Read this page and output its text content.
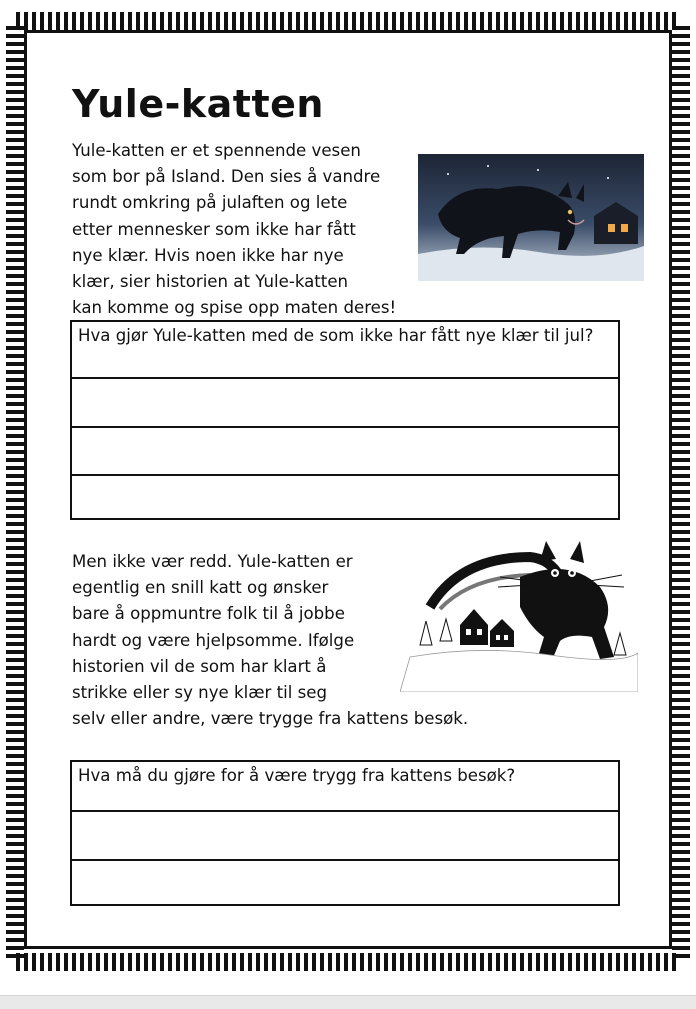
Yule-katten
Yule-katten er et spennende vesen
som bor på Island. Den sies å vandre
rundt omkring på julaften og lete
etter mennesker som ikke har fått
nye klær. Hvis noen ikke har nye
klær, sier historien at Yule-katten
kan komme og spise opp maten deres!
Hva gjør Yule-katten med de som ikke har fått nye klær til jul?
Men ikke vær redd. Yule-katten er
egentlig en snill katt og ønsker
bare å oppmuntre folk til å jobbe
hardt og være hjelpsomme. Ifølge
historien vil de som har klart å
strikke eller sy nye klær til seg
selv eller andre, være trygge fra kattens besøk.
Hva må du gjøre for å være trygg fra kattens besøk?
